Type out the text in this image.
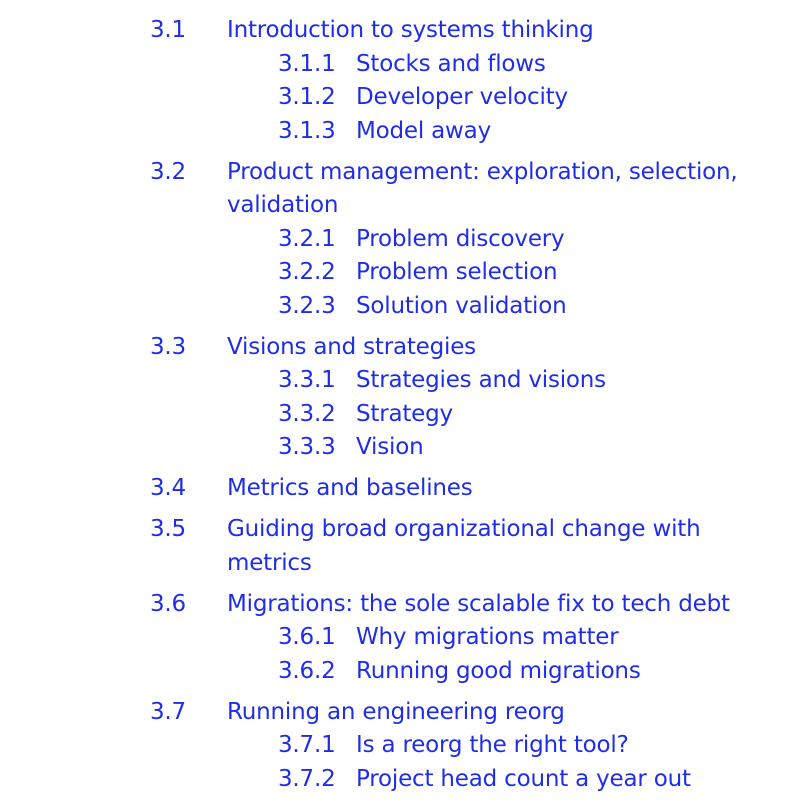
3.1	Introduction to systems thinking
3.1.1 Stocks and flows
3.1.2 Developer velocity
3.1.3 Model away
3.2	Product management: exploration, selection, validation
3.2.1 Problem discovery
3.2.2 Problem selection
3.2.3 Solution validation
3.3	Visions and strategies
3.3.1 Strategies and visions
3.3.2 Strategy
3.3.3 Vision
3.4	Metrics and baselines
3.5	Guiding broad organizational change with metrics
3.6	Migrations: the sole scalable fix to tech debt
3.6.1 Why migrations matter
3.6.2 Running good migrations
3.7	Running an engineering reorg
3.7.1 Is a reorg the right tool?
3.7.2 Project head count a year out
